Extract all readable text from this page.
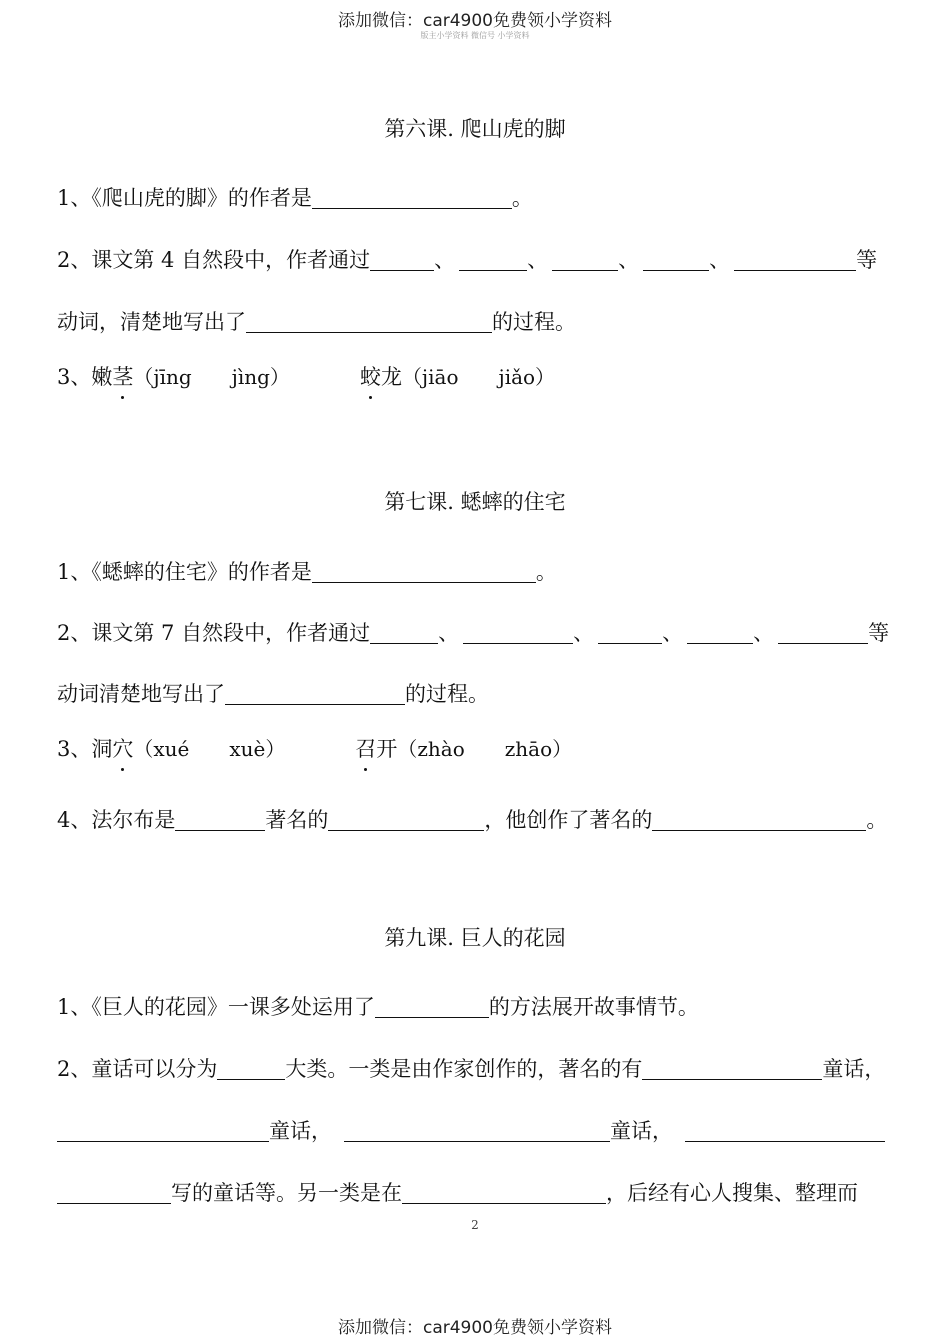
添加微信：car4900免费领小学资料
版主小学资料 微信号 小学资料
第六课. 爬山虎的脚
1、《爬山虎的脚》的作者是	。
2、课文第 4 自然段中，作者通过	、	、	、	、	等
动词，清楚地写出了	的过程。
3、嫩茎（jīng　　jìng）	蛟龙（jiāo　　jiǎo）
第七课. 蟋蟀的住宅
1、《蟋蟀的住宅》的作者是	。
2、课文第 7 自然段中，作者通过	、	、	、	、	等
动词清楚地写出了	的过程。
3、洞穴（xué　　xuè）	召开（zhào　　zhāo）
4、法尔布是	著名的	，他创作了著名的	。
第九课. 巨人的花园
1、《巨人的花园》一课多处运用了	的方法展开故事情节。
2、童话可以分为	大类。一类是由作家创作的，著名的有	童话，
童话，	童话，
写的童话等。另一类是在	，后经有心人搜集、整理而
2
添加微信：car4900免费领小学资料
